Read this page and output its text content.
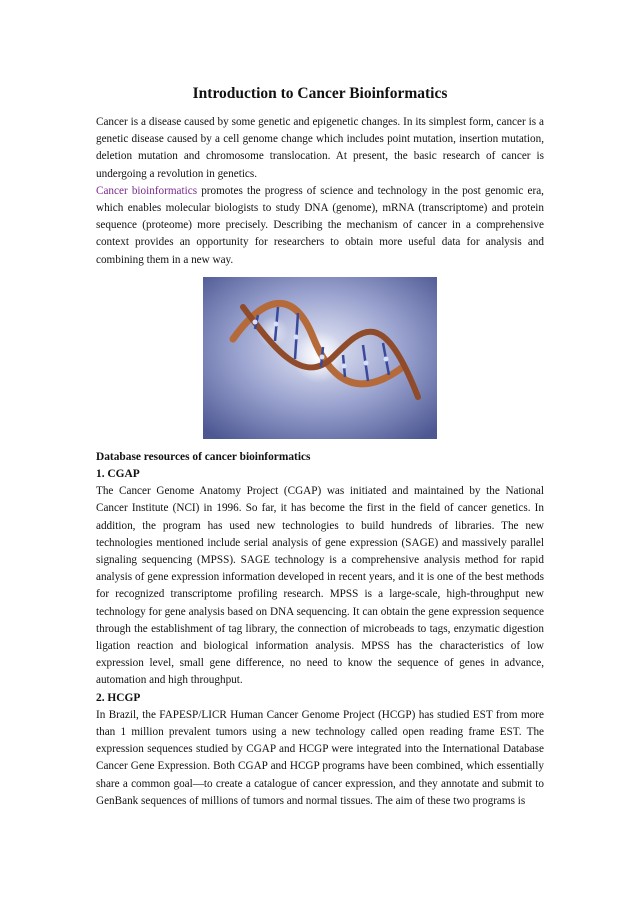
Introduction to Cancer Bioinformatics

Cancer is a disease caused by some genetic and epigenetic changes. In its simplest form, cancer is a genetic disease caused by a cell genome change which includes point mutation, insertion mutation, deletion mutation and chromosome translocation. At present, the basic research of cancer is undergoing a revolution in genetics.

Cancer bioinformatics promotes the progress of science and technology in the post genomic era, which enables molecular biologists to study DNA (genome), mRNA (transcriptome) and protein sequence (proteome) more precisely. Describing the mechanism of cancer in a comprehensive context provides an opportunity for researchers to obtain more useful data for analysis and combining them in a new way.

Database resources of cancer bioinformatics

1. CGAP

The Cancer Genome Anatomy Project (CGAP) was initiated and maintained by the National Cancer Institute (NCI) in 1996. So far, it has become the first in the field of cancer genetics. In addition, the program has used new technologies to build hundreds of libraries. The new technologies mentioned include serial analysis of gene expression (SAGE) and massively parallel signaling sequencing (MPSS). SAGE technology is a comprehensive analysis method for rapid analysis of gene expression information developed in recent years, and it is one of the best methods for recognized transcriptome profiling research. MPSS is a large-scale, high-throughput new technology for gene analysis based on DNA sequencing. It can obtain the gene expression sequence through the establishment of tag library, the connection of microbeads to tags, enzymatic digestion ligation reaction and biological information analysis. MPSS has the characteristics of low expression level, small gene difference, no need to know the sequence of genes in advance, automation and high throughput.

2. HCGP

In Brazil, the FAPESP/LICR Human Cancer Genome Project (HCGP) has studied EST from more than 1 million prevalent tumors using a new technology called open reading frame EST. The expression sequences studied by CGAP and HCGP were integrated into the International Database Cancer Gene Expression. Both CGAP and HCGP programs have been combined, which essentially share a common goal—to create a catalogue of cancer expression, and they annotate and submit to GenBank sequences of millions of tumors and normal tissues. The aim of these two programs is
